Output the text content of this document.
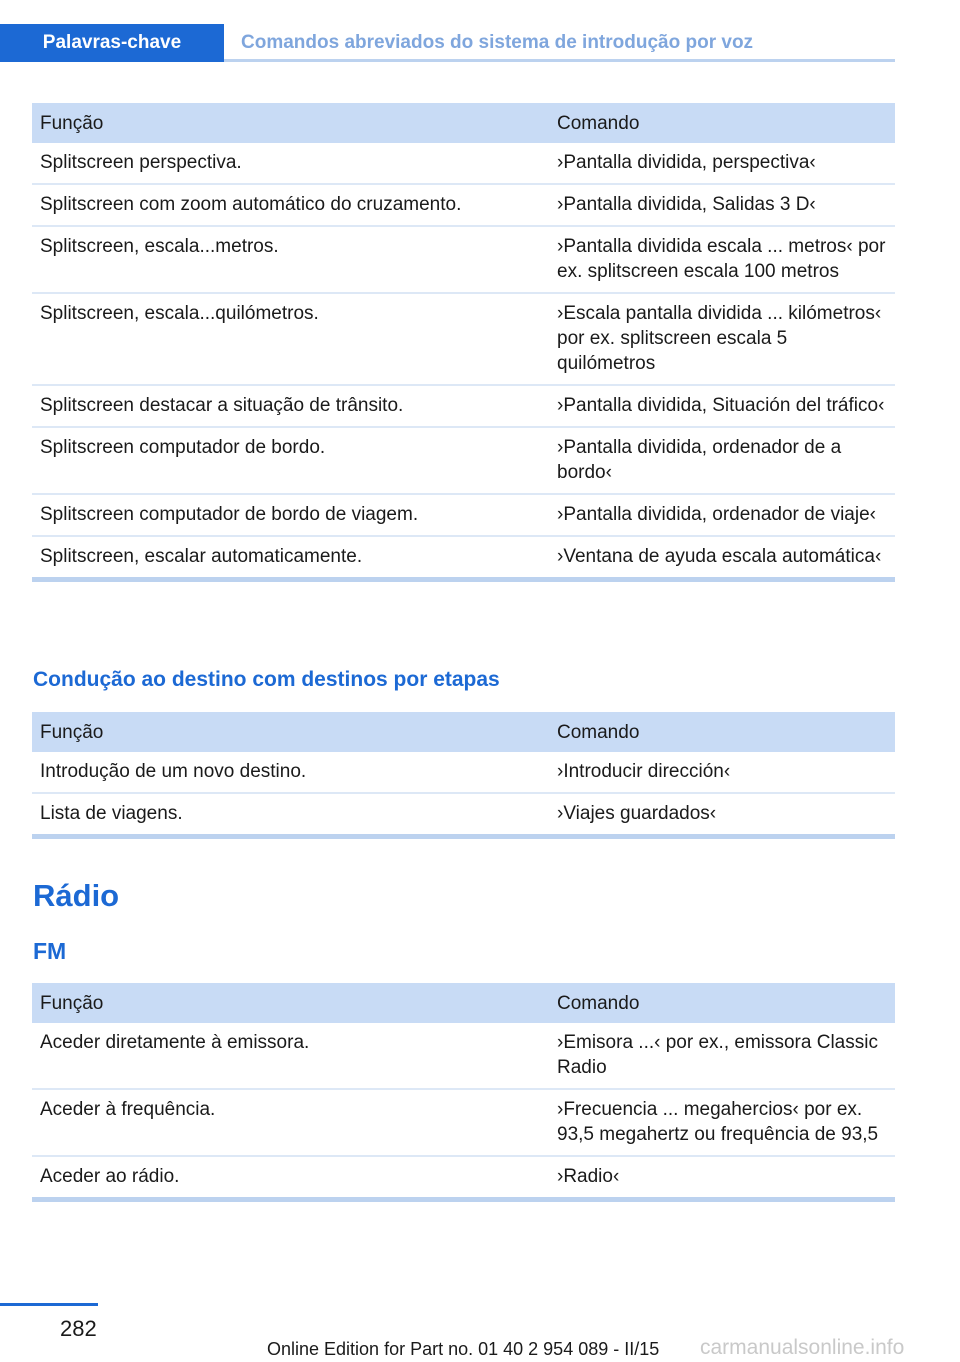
Palavras-chave	Comandos abreviados do sistema de introdução por voz
Função	Comando
Splitscreen perspectiva.	›Pantalla dividida, perspectiva‹
Splitscreen com zoom automático do cruzamento.	›Pantalla dividida, Salidas 3 D‹
Splitscreen, escala...metros.	›Pantalla dividida escala ... metros‹ por ex. splitscreen escala 100 metros
Splitscreen, escala...quilómetros.	›Escala pantalla dividida ... kilómetros‹ por ex. splitscreen escala 5 quilómetros
Splitscreen destacar a situação de trânsito.	›Pantalla dividida, Situación del tráfico‹
Splitscreen computador de bordo.	›Pantalla dividida, ordenador de a bordo‹
Splitscreen computador de bordo de viagem.	›Pantalla dividida, ordenador de viaje‹
Splitscreen, escalar automaticamente.	›Ventana de ayuda escala automática‹
Condução ao destino com destinos por etapas
Função	Comando
Introdução de um novo destino.	›Introducir dirección‹
Lista de viagens.	›Viajes guardados‹
Rádio
FM
Função	Comando
Aceder diretamente à emissora.	›Emisora ...‹ por ex., emissora Classic Radio
Aceder à frequência.	›Frecuencia ... megahercios‹ por ex. 93,5 megahertz ou frequência de 93,5
Aceder ao rádio.	›Radio‹
282
Online Edition for Part no. 01 40 2 954 089 - II/15 carmanualsonline.info
